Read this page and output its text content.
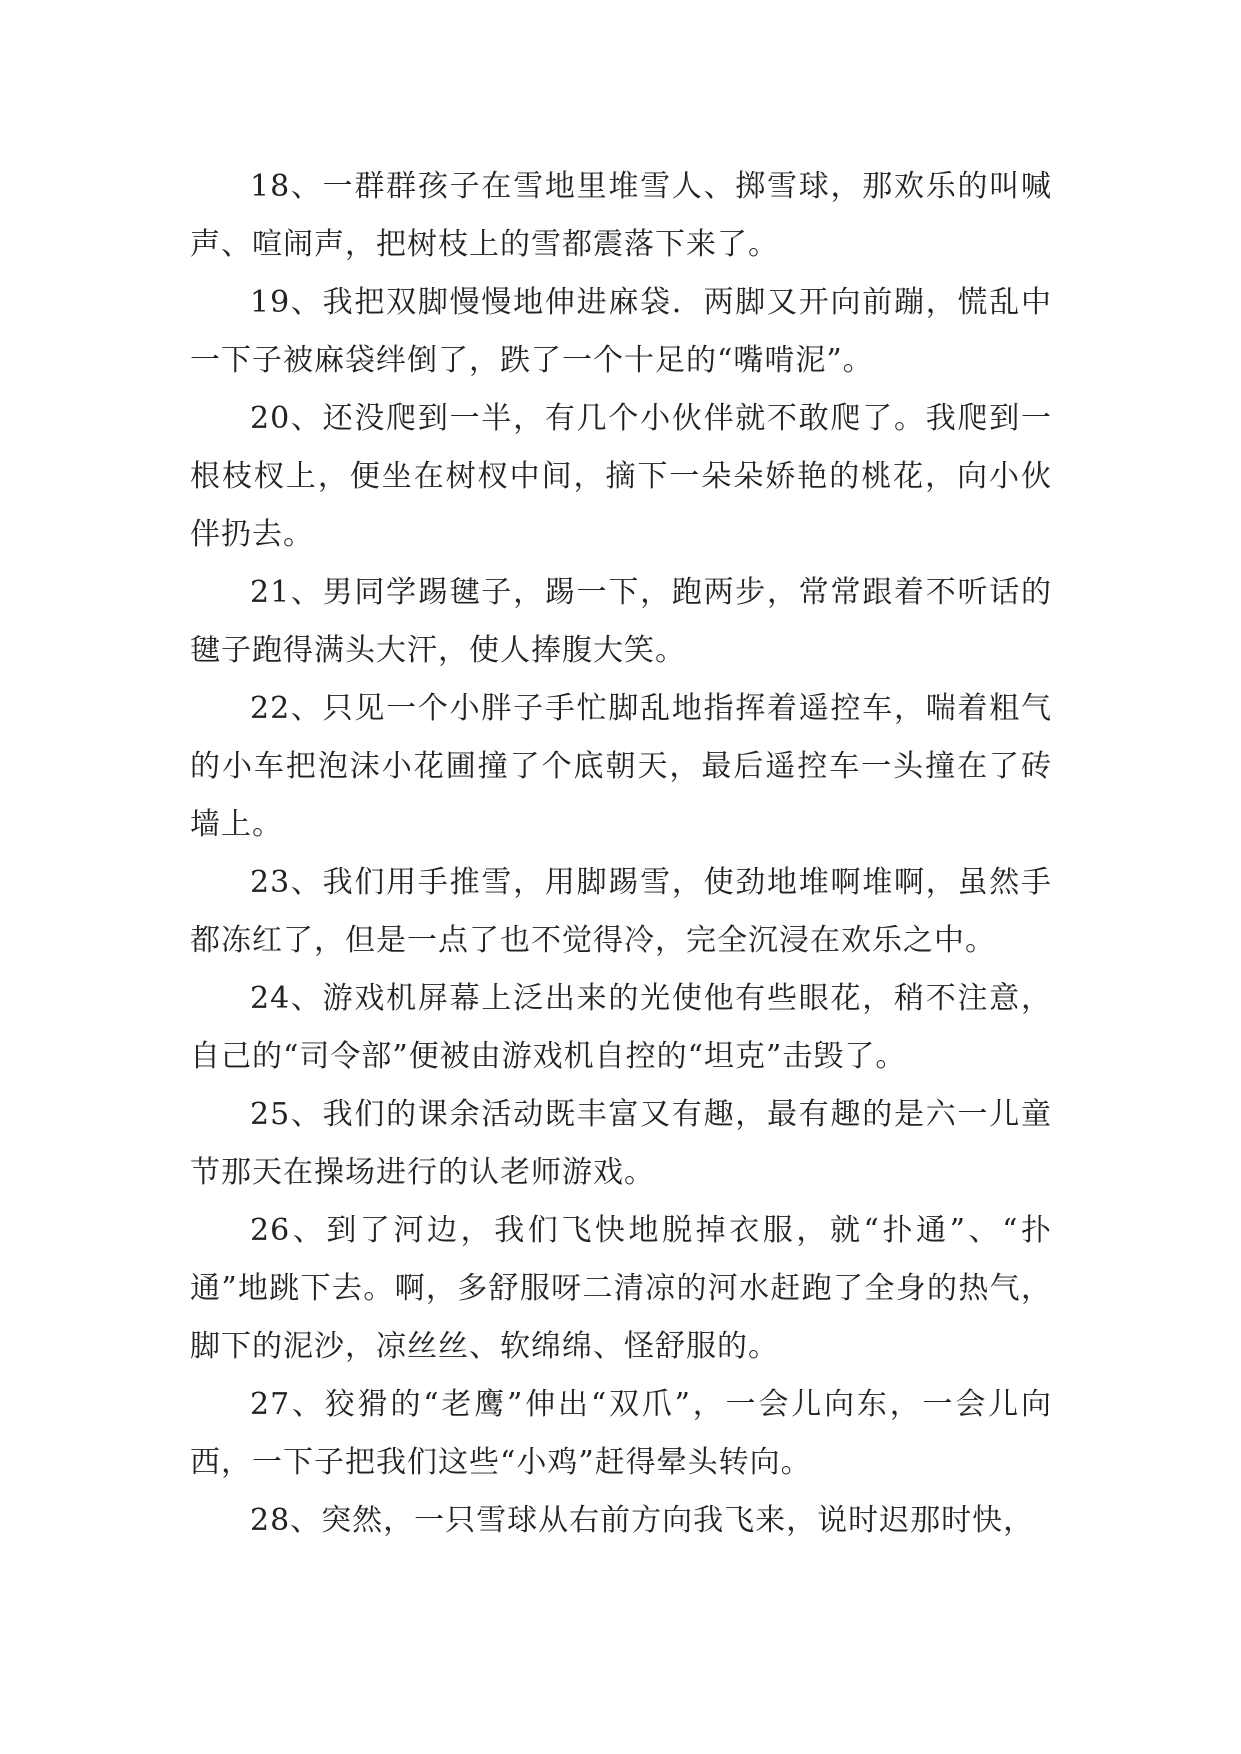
18、一群群孩子在雪地里堆雪人、掷雪球，那欢乐的叫喊声、喧闹声，把树枝上的雪都震落下来了。

19、我把双脚慢慢地伸进麻袋．两脚又开向前蹦，慌乱中一下子被麻袋绊倒了，跌了一个十足的“嘴啃泥”。

20、还没爬到一半，有几个小伙伴就不敢爬了。我爬到一根枝杈上，便坐在树杈中间，摘下一朵朵娇艳的桃花，向小伙伴扔去。

21、男同学踢毽子，踢一下，跑两步，常常跟着不听话的毽子跑得满头大汗，使人捧腹大笑。

22、只见一个小胖子手忙脚乱地指挥着遥控车，喘着粗气的小车把泡沫小花圃撞了个底朝天，最后遥控车一头撞在了砖墙上。

23、我们用手推雪，用脚踢雪，使劲地堆啊堆啊，虽然手都冻红了，但是一点了也不觉得冷，完全沉浸在欢乐之中。

24、游戏机屏幕上泛出来的光使他有些眼花，稍不注意，自己的“司令部”便被由游戏机自控的“坦克”击毁了。

25、我们的课余活动既丰富又有趣，最有趣的是六一儿童节那天在操场进行的认老师游戏。

26、到了河边，我们飞快地脱掉衣服，就“扑通”、“扑通”地跳下去。啊，多舒服呀二清凉的河水赶跑了全身的热气，脚下的泥沙，凉丝丝、软绵绵、怪舒服的。

27、狡猾的“老鹰”伸出“双爪”，一会儿向东，一会儿向西，一下子把我们这些“小鸡”赶得晕头转向。

28、突然，一只雪球从右前方向我飞来，说时迟那时快，
